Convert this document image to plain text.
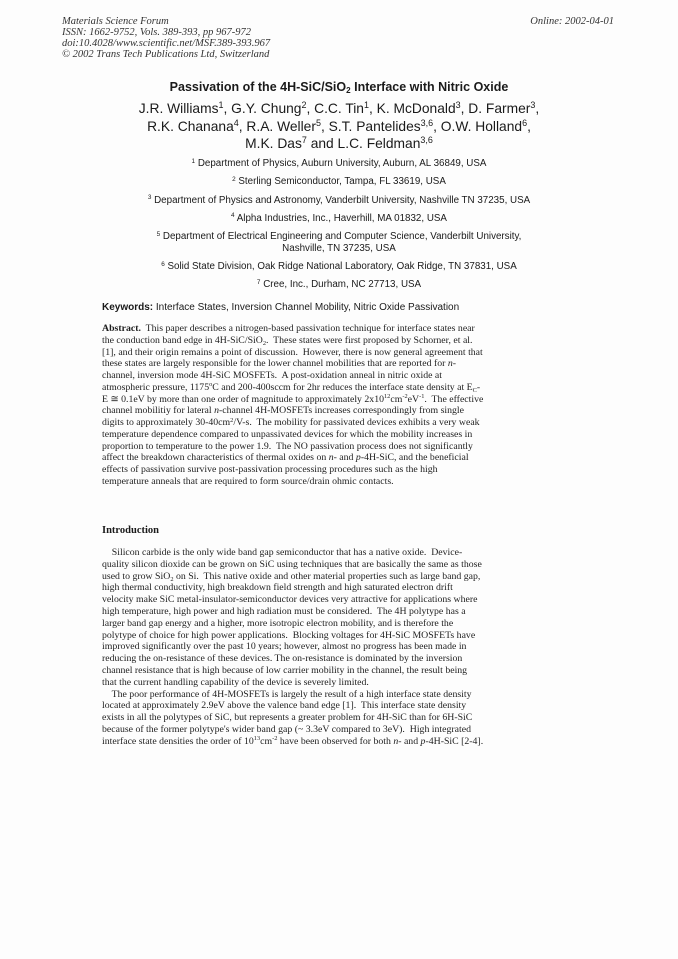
Materials Science Forum
ISSN: 1662-9752, Vols. 389-393, pp 967-972
doi:10.4028/www.scientific.net/MSF.389-393.967
© 2002 Trans Tech Publications Ltd, Switzerland
Online: 2002-04-01
Passivation of the 4H-SiC/SiO$_2$ Interface with Nitric Oxide
J.R. Williams$^1$, G.Y. Chung$^2$, C.C. Tin$^1$, K. McDonald$^3$, D. Farmer$^3$,
R.K. Chanana$^4$, R.A. Weller$^5$, S.T. Pantelides$^{3,6}$, O.W. Holland$^6$,
M.K. Das$^7$ and L.C. Feldman$^{3,6}$
$^1$ Department of Physics, Auburn University, Auburn, AL 36849, USA
$^2$ Sterling Semiconductor, Tampa, FL 33619, USA
$^3$ Department of Physics and Astronomy, Vanderbilt University, Nashville TN 37235, USA
$^4$ Alpha Industries, Inc., Haverhill, MA 01832, USA
$^5$ Department of Electrical Engineering and Computer Science, Vanderbilt University,
Nashville, TN 37235, USA
$^6$ Solid State Division, Oak Ridge National Laboratory, Oak Ridge, TN 37831, USA
$^7$ Cree, Inc., Durham, NC 27713, USA
Keywords: Interface States, Inversion Channel Mobility, Nitric Oxide Passivation
Abstract.  This paper describes a nitrogen-based passivation technique for interface states near
the conduction band edge in 4H-SiC/SiO$_2$.  These states were first proposed by Schorner, et al.
[1], and their origin remains a point of discussion.  However, there is now general agreement that
these states are largely responsible for the lower channel mobilities that are reported for n-
channel, inversion mode 4H-SiC MOSFETs.  A post-oxidation anneal in nitric oxide at
atmospheric pressure, 1175$^o$C and 200-400sccm for 2hr reduces the interface state density at $E_C-$
E ≅ 0.1eV by more than one order of magnitude to approximately $2x10^{12}cm^{-2}eV^{-1}$.  The effective
channel mobilitiy for lateral n-channel 4H-MOSFETs increases correspondingly from single
digits to approximately $30-40cm^2/V-s$.  The mobility for passivated devices exhibits a very weak
temperature dependence compared to unpassivated devices for which the mobility increases in
proportion to temperature to the power 1.9.  The NO passivation process does not significantly
affect the breakdown characteristics of thermal oxides on n- and p-4H-SiC, and the beneficial
effects of passivation survive post-passivation processing procedures such as the high
temperature anneals that are required to form source/drain ohmic contacts.
Introduction
Silicon carbide is the only wide band gap semiconductor that has a native oxide.  Device-
quality silicon dioxide can be grown on SiC using techniques that are basically the same as those
used to grow SiO$_2$ on Si.  This native oxide and other material properties such as large band gap,
high thermal conductivity, high breakdown field strength and high saturated electron drift
velocity make SiC metal-insulator-semiconductor devices very attractive for applications where
high temperature, high power and high radiation must be considered.  The 4H polytype has a
larger band gap energy and a higher, more isotropic electron mobility, and is therefore the
polytype of choice for high power applications.  Blocking voltages for 4H-SiC MOSFETs have
improved significantly over the past 10 years; however, almost no progress has been made in
reducing the on-resistance of these devices. The on-resistance is dominated by the inversion
channel resistance that is high because of low carrier mobility in the channel, the result being
that the current handling capability of the device is severely limited.
The poor performance of 4H-MOSFETs is largely the result of a high interface state density
located at approximately 2.9eV above the valence band edge [1].  This interface state density
exists in all the polytypes of SiC, but represents a greater problem for 4H-SiC than for 6H-SiC
because of the former polytype's wider band gap (~ 3.3eV compared to 3eV).  High integrated
interface state densities the order of $10^{13}cm^{-2}$ have been observed for both n- and p-4H-SiC [2-4].
